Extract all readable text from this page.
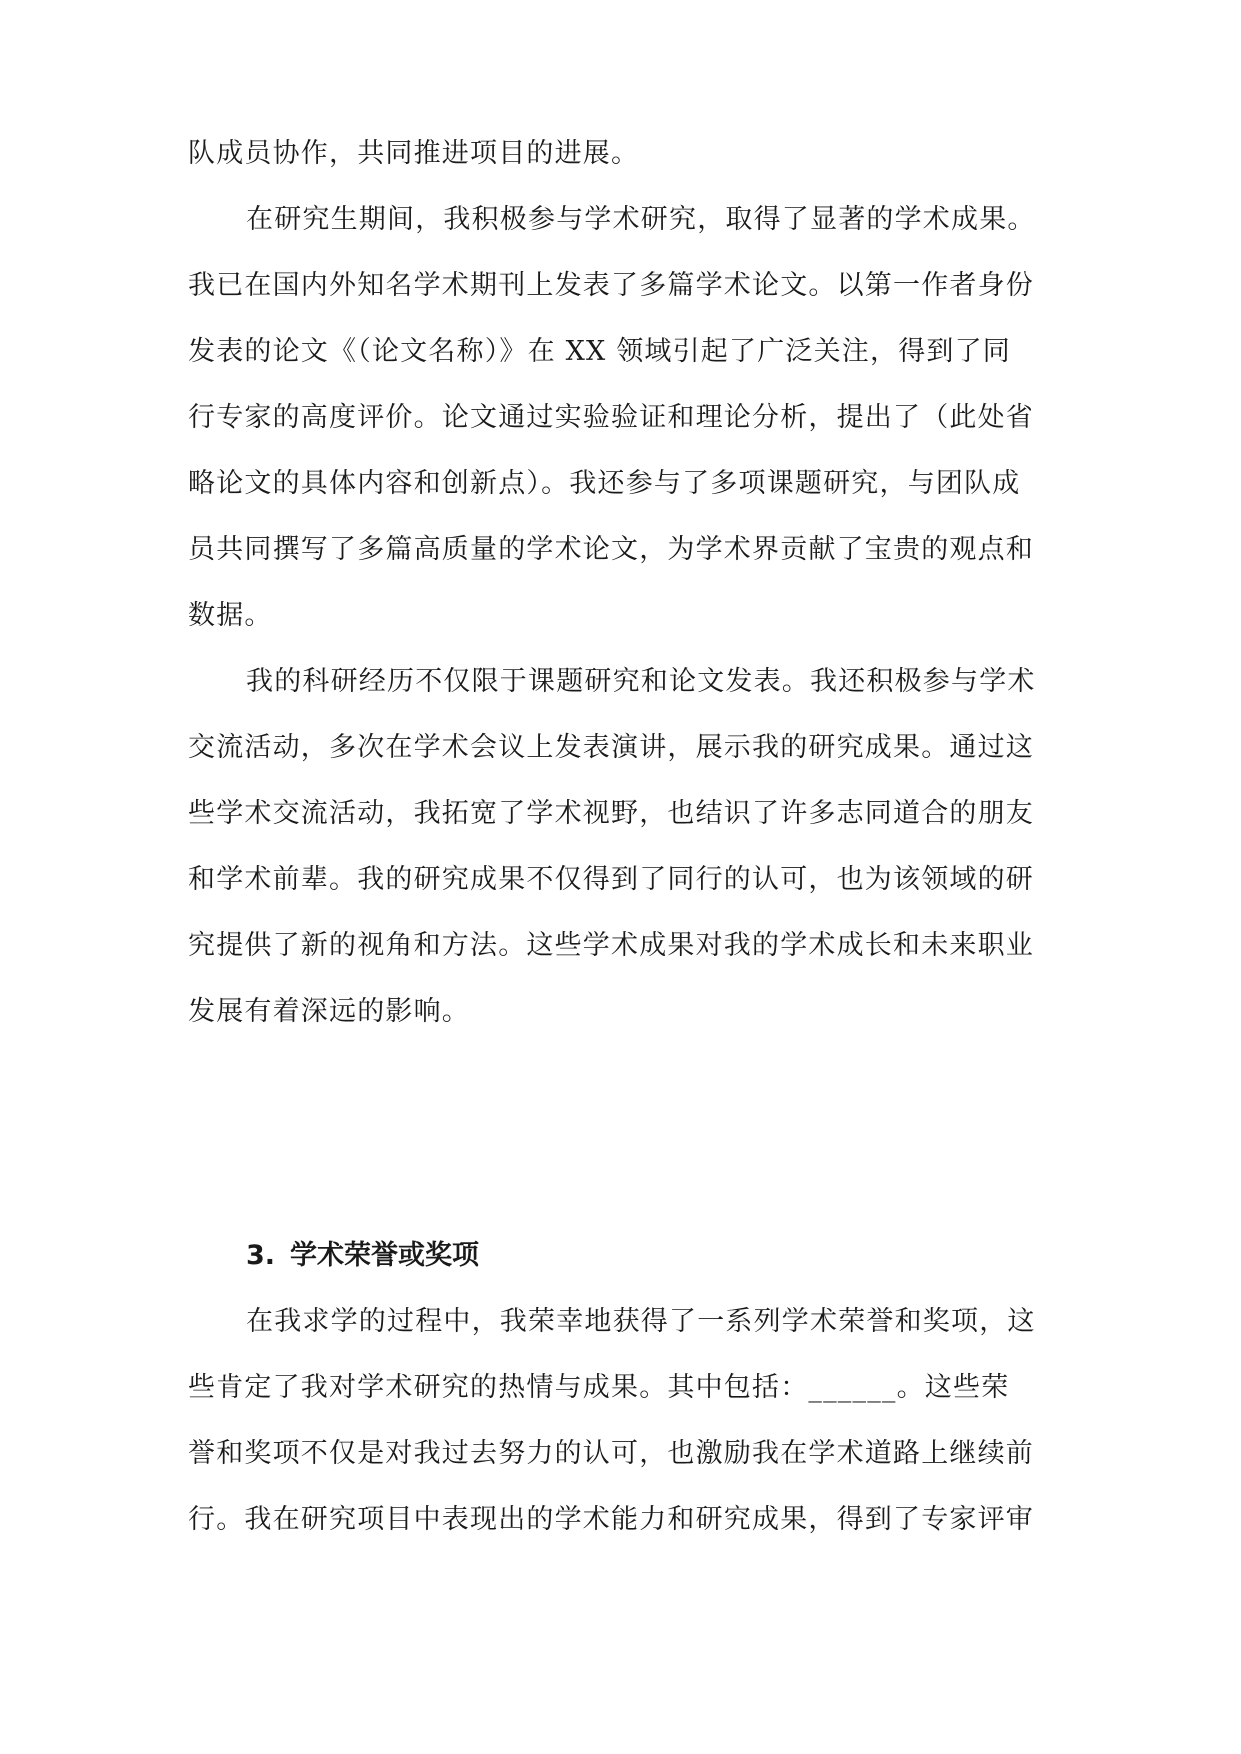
队成员协作，共同推进项目的进展。
在研究生期间，我积极参与学术研究，取得了显著的学术成果。
我已在国内外知名学术期刊上发表了多篇学术论文。以第一作者身份
发表的论文《（论文名称）》在 XX 领域引起了广泛关注，得到了同
行专家的高度评价。论文通过实验验证和理论分析，提出了（此处省
略论文的具体内容和创新点）。我还参与了多项课题研究，与团队成
员共同撰写了多篇高质量的学术论文，为学术界贡献了宝贵的观点和
数据。
我的科研经历不仅限于课题研究和论文发表。我还积极参与学术
交流活动，多次在学术会议上发表演讲，展示我的研究成果。通过这
些学术交流活动，我拓宽了学术视野，也结识了许多志同道合的朋友
和学术前辈。我的研究成果不仅得到了同行的认可，也为该领域的研
究提供了新的视角和方法。这些学术成果对我的学术成长和未来职业
发展有着深远的影响。
3. 学术荣誉或奖项
在我求学的过程中，我荣幸地获得了一系列学术荣誉和奖项，这
些肯定了我对学术研究的热情与成果。其中包括：______。这些荣
誉和奖项不仅是对我过去努力的认可，也激励我在学术道路上继续前
行。我在研究项目中表现出的学术能力和研究成果，得到了专家评审
